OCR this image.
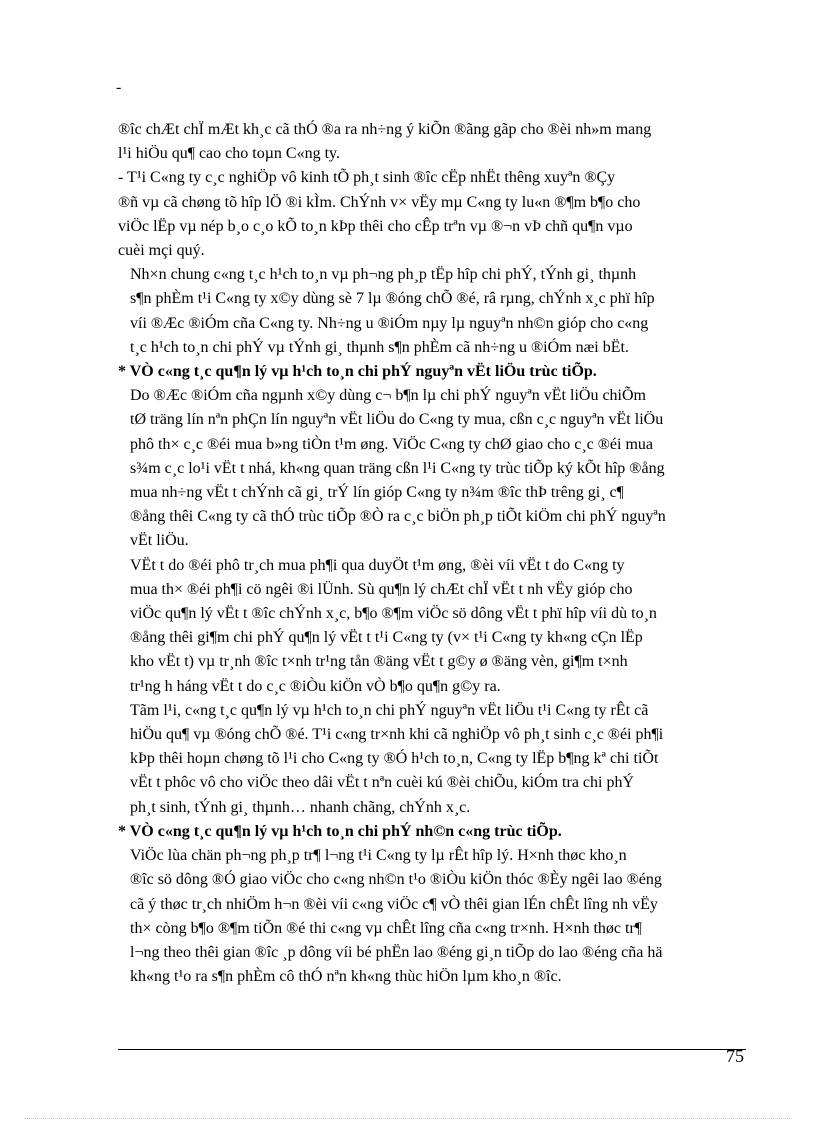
-

®îc chÆt chÏ mÆt kh¸c cã thÓ ®a ra nh÷ng ý kiÕn ®ãng gãp cho ®èi nh»m mang
l¹i hiÖu qu¶ cao cho toµn C«ng ty.

- T¹i C«ng ty c¸c nghiÖp vô kinh tÕ ph¸t sinh ®îc cËp nhËt thêng xuyªn ®Çy
®ñ vµ cã chøng tõ hîp lÖ ®i kÌm. ChÝnh v× vËy mµ C«ng ty lu«n ®¶m b¶o cho
viÖc lËp vµ nép b¸o c¸o kÕ to¸n kÞp thêi cho cÊp trªn vµ ®¬n vÞ chñ qu¶n vµo
cuèi mçi quý.

Nh×n chung c«ng t¸c h¹ch to¸n vµ ph¬ng ph¸p tËp hîp chi phÝ, tÝnh gi¸ thµnh
s¶n phÈm t¹i C«ng ty x©y dùng sè 7 lµ ®óng chÕ ®é, râ rµng, chÝnh x¸c phï hîp
víi ®Æc ®iÓm cña C«ng ty. Nh÷ng u ®iÓm nµy lµ nguyªn nh©n gióp cho c«ng
t¸c h¹ch to¸n chi phÝ vµ tÝnh gi¸ thµnh s¶n phÈm cã nh÷ng u ®iÓm næi bËt.

* VÒ c«ng t¸c qu¶n lý vµ h¹ch to¸n chi phÝ nguyªn vËt liÖu trùc tiÕp.

Do ®Æc ®iÓm cña ngµnh x©y dùng c¬ b¶n lµ chi phÝ nguyªn vËt liÖu chiÕm
tØ träng lín nªn phÇn lín nguyªn vËt liÖu do C«ng ty mua, cßn c¸c nguyªn vËt liÖu
phô th× c¸c ®éi mua b»ng tiÒn t¹m øng. ViÖc C«ng ty chØ giao cho c¸c ®éi mua
s¾m c¸c lo¹i vËt t nhá, kh«ng quan träng cßn l¹i C«ng ty trùc tiÕp ký kÕt hîp ®ång
mua nh÷ng vËt t chÝnh cã gi¸ trÝ lín gióp C«ng ty n¾m ®îc thÞ trêng gi¸ c¶
®ång thêi C«ng ty cã thÓ trùc tiÕp ®Ò ra c¸c biÖn ph¸p tiÕt kiÖm chi phÝ nguyªn
vËt liÖu.

VËt t do ®éi phô tr¸ch mua ph¶i qua duyÖt t¹m øng, ®èi víi vËt t do C«ng ty
mua th× ®éi ph¶i cö ngêi ®i lÜnh. Sù qu¶n lý chÆt chÏ vËt t nh vËy gióp cho
viÖc qu¶n lý vËt t ®îc chÝnh x¸c, b¶o ®¶m viÖc sö dông vËt t phï hîp víi dù to¸n
®ång thêi gi¶m chi phÝ qu¶n lý vËt t t¹i C«ng ty (v× t¹i C«ng ty kh«ng cÇn lËp
kho vËt t) vµ tr¸nh ®îc t×nh tr¹ng tån ®äng vËt t g©y ø ®äng vèn, gi¶m t×nh
tr¹ng h háng vËt t do c¸c ®iÒu kiÖn vÒ b¶o qu¶n g©y ra.

Tãm l¹i, c«ng t¸c qu¶n lý vµ h¹ch to¸n chi phÝ nguyªn vËt liÖu t¹i C«ng ty rÊt cã
hiÖu qu¶ vµ ®óng chÕ ®é. T¹i c«ng tr×nh khi cã nghiÖp vô ph¸t sinh c¸c ®éi ph¶i
kÞp thêi hoµn chøng tõ l¹i cho C«ng ty ®Ó h¹ch to¸n, C«ng ty lËp b¶ng kª chi tiÕt
vËt t phôc vô cho viÖc theo dâi vËt t nªn cuèi kú ®èi chiÕu, kiÓm tra chi phÝ
ph¸t sinh, tÝnh gi¸ thµnh… nhanh chãng, chÝnh x¸c.

* VÒ c«ng t¸c qu¶n lý vµ h¹ch to¸n chi phÝ nh©n c«ng trùc tiÕp.

ViÖc lùa chän ph¬ng ph¸p tr¶ l¬ng t¹i C«ng ty lµ rÊt hîp lý. H×nh thøc kho¸n
®îc sö dông ®Ó giao viÖc cho c«ng nh©n t¹o ®iÒu kiÖn thóc ®Èy ngêi lao ®éng
cã ý thøc tr¸ch nhiÖm h¬n ®èi víi c«ng viÖc c¶ vÒ thêi gian lÉn chÊt lîng nh vËy
th× còng b¶o ®¶m tiÕn ®é thi c«ng vµ chÊt lîng cña c«ng tr×nh. H×nh thøc tr¶
l¬ng theo thêi gian ®îc ¸p dông víi bé phËn lao ®éng gi¸n tiÕp do lao ®éng cña hä
kh«ng t¹o ra s¶n phÈm cô thÓ nªn kh«ng thùc hiÖn lµm kho¸n ®îc.

75
